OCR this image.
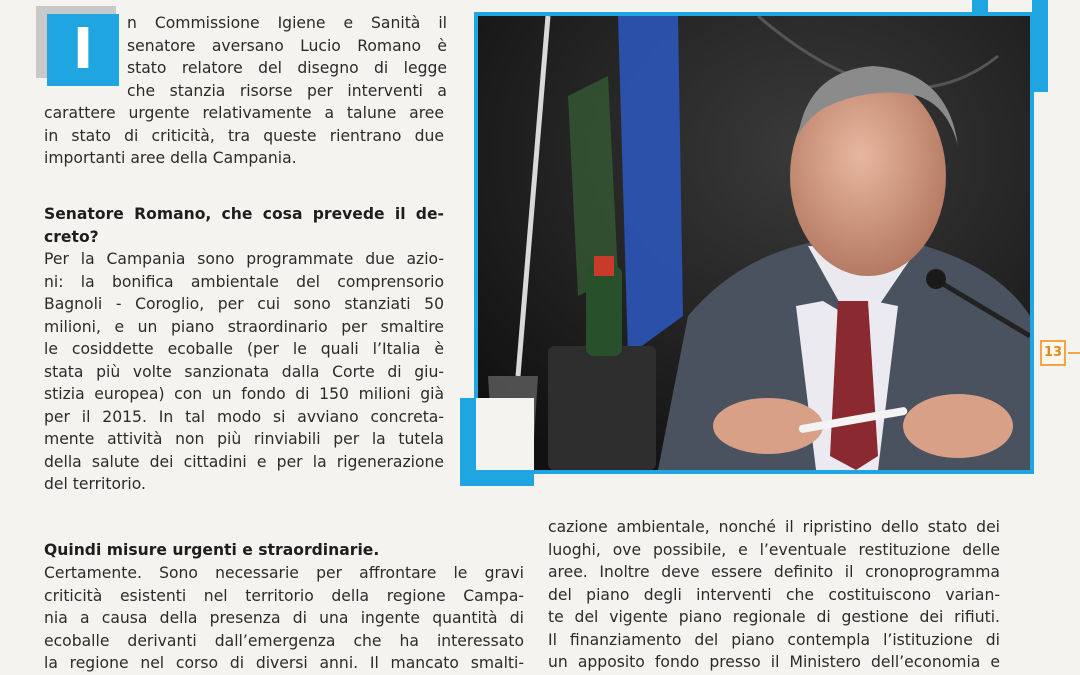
I	n Commissione Igiene e Sanità il
senatore aversano Lucio Romano è
stato relatore del disegno di legge
che stanzia risorse per interventi a
carattere urgente relativamente a talune aree
in stato di criticità, tra queste rientrano due
importanti aree della Campania.
Senatore Romano, che cosa prevede il de-
creto?
Per la Campania sono programmate due azio-
ni: la bonifica ambientale del comprensorio
Bagnoli - Coroglio, per cui sono stanziati 50
milioni, e un piano straordinario per smaltire
le cosiddette ecoballe (per le quali l’Italia è
stata più volte sanzionata dalla Corte di giu-
stizia europea) con un fondo di 150 milioni già
per il 2015. In tal modo si avviano concreta-
mente attività non più rinviabili per la tutela
della salute dei cittadini e per la rigenerazione
del territorio.
Quindi misure urgenti e straordinarie.
Certamente. Sono necessarie per affrontare le gravi
criticità esistenti nel territorio della regione Campa-
nia a causa della presenza di una ingente quantità di
ecoballe derivanti dall’emergenza che ha interessato
la regione nel corso di diversi anni. Il mancato smalti-
13
cazione ambientale, nonché il ripristino dello stato dei
luoghi, ove possibile, e l’eventuale restituzione delle
aree. Inoltre deve essere definito il cronoprogramma
del piano degli interventi che costituiscono varian-
te del vigente piano regionale di gestione dei rifiuti.
Il finanziamento del piano contempla l’istituzione di
un apposito fondo presso il Ministero dell’economia e
